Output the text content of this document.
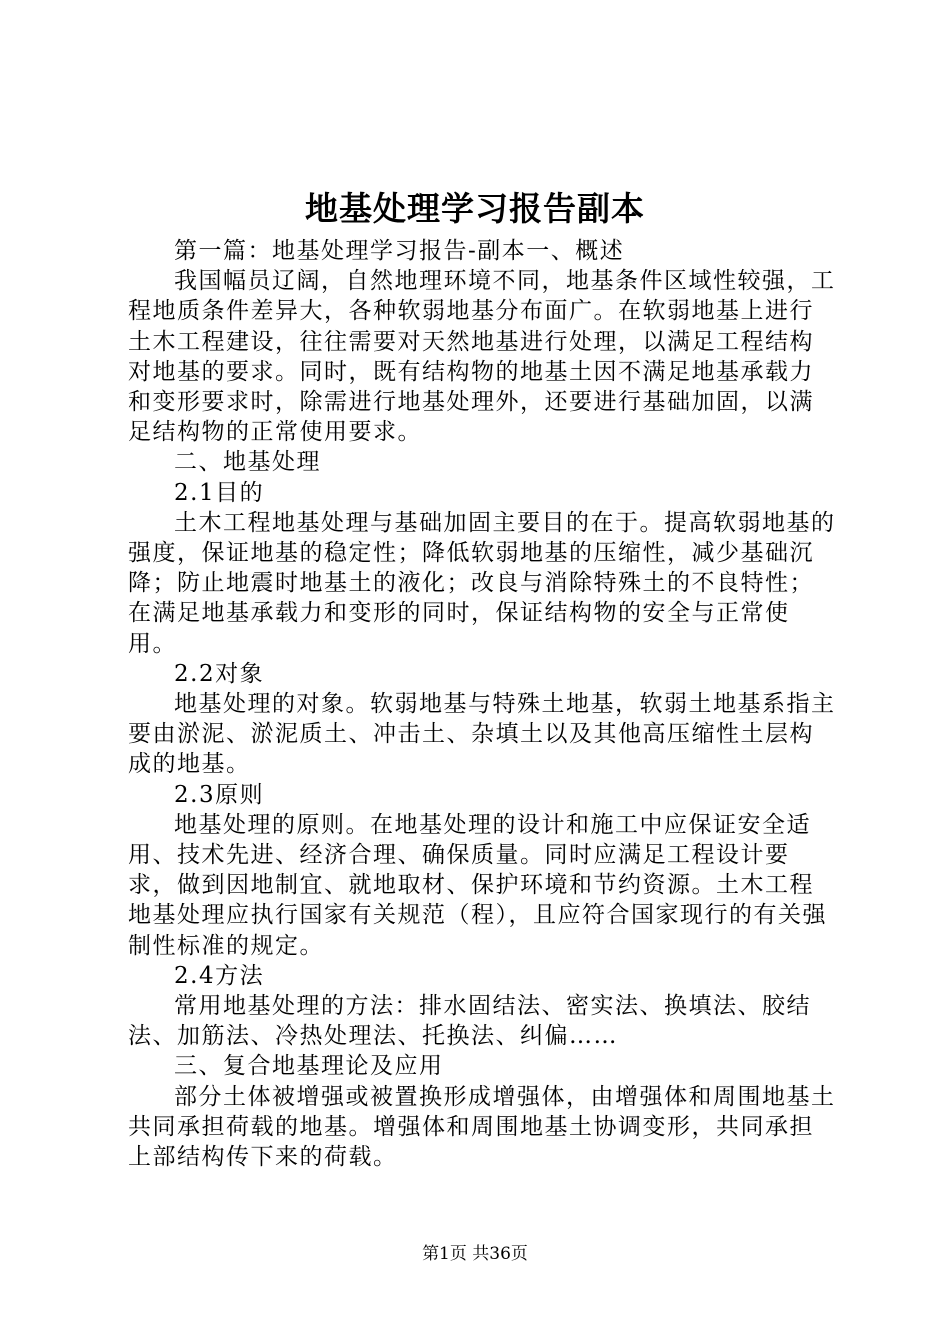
地基处理学习报告副本

第一篇：地基处理学习报告-副本一、概述

我国幅员辽阔，自然地理环境不同，地基条件区域性较强，工程地质条件差异大，各种软弱地基分布面广。在软弱地基上进行土木工程建设，往往需要对天然地基进行处理，以满足工程结构对地基的要求。同时，既有结构物的地基土因不满足地基承载力和变形要求时，除需进行地基处理外，还要进行基础加固，以满足结构物的正常使用要求。

二、地基处理

2.1目的

土木工程地基处理与基础加固主要目的在于。提高软弱地基的强度，保证地基的稳定性；降低软弱地基的压缩性，减少基础沉降；防止地震时地基土的液化；改良与消除特殊土的不良特性；在满足地基承载力和变形的同时，保证结构物的安全与正常使用。

2.2对象

地基处理的对象。软弱地基与特殊土地基，软弱土地基系指主要由淤泥、淤泥质土、冲击土、杂填土以及其他高压缩性土层构成的地基。

2.3原则

地基处理的原则。在地基处理的设计和施工中应保证安全适用、技术先进、经济合理、确保质量。同时应满足工程设计要求，做到因地制宜、就地取材、保护环境和节约资源。土木工程地基处理应执行国家有关规范（程），且应符合国家现行的有关强制性标准的规定。

2.4方法

常用地基处理的方法：排水固结法、密实法、换填法、胶结法、加筋法、冷热处理法、托换法、纠偏……

三、复合地基理论及应用

部分土体被增强或被置换形成增强体，由增强体和周围地基土共同承担荷载的地基。增强体和周围地基土协调变形，共同承担上部结构传下来的荷载。

第1页 共36页
